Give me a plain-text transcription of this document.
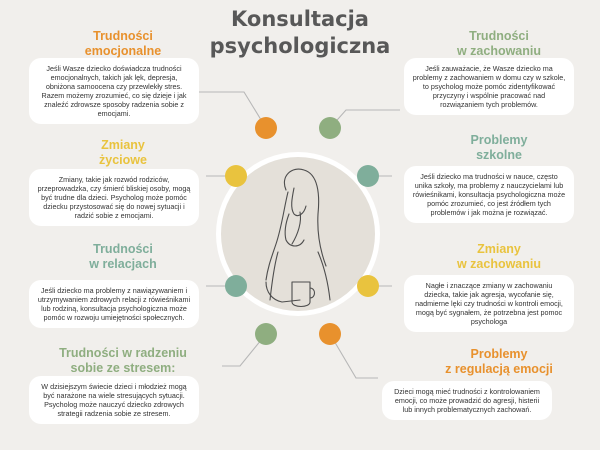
Konsultacja
psychologiczna
Trudności
emocjonalne
Jeśli Wasze dziecko doświadcza trudności emocjonalnych, takich jak lęk, depresja, obniżona samoocena czy przewlekły stres. Razem możemy zrozumieć, co się dzieje i jak znaleźć zdrowsze sposoby radzenia sobie z emocjami.
Trudności
w zachowaniu
Jeśli zauważacie, że Wasze dziecko ma problemy z zachowaniem w domu czy w szkole, to psycholog może pomóc zidentyfikować przyczyny i wspólnie pracować nad rozwiązaniem tych problemów.
Zmiany
życiowe
Zmiany, takie jak rozwód rodziców, przeprowadzka, czy śmierć bliskiej osoby, mogą być trudne dla dzieci. Psycholog może pomóc dziecku przystosować się do nowej sytuacji i radzić sobie z emocjami.
Problemy
szkolne
Jeśli dziecko ma trudności w nauce, często unika szkoły, ma problemy z nauczycielami lub rówieśnikami, konsultacja psychologiczna może pomóc zrozumieć, co jest źródłem tych problemów i jak można je rozwiązać.
Trudności
w relacjach
Jeśli dziecko ma problemy z nawiązywaniem i utrzymywaniem zdrowych relacji z rówieśnikami lub rodziną, konsultacja psychologiczna może pomóc w rozwoju umiejętności społecznych.
Zmiany
w zachowaniu
Nagłe i znaczące zmiany w zachowaniu dziecka, takie jak agresja, wycofanie się, nadmierne lęki czy trudności w kontroli emocji, mogą być sygnałem, że potrzebna jest pomoc psychologa
Trudności w radzeniu
sobie ze stresem:
W dzisiejszym świecie dzieci i młodzież mogą być narażone na wiele stresujących sytuacji. Psycholog może nauczyć dziecko zdrowych strategii radzenia sobie ze stresem.
Problemy
z regulacją emocji
Dzieci mogą mieć trudności z kontrolowaniem emocji, co może prowadzić do agresji, histerii lub innych problematycznych zachowań.
